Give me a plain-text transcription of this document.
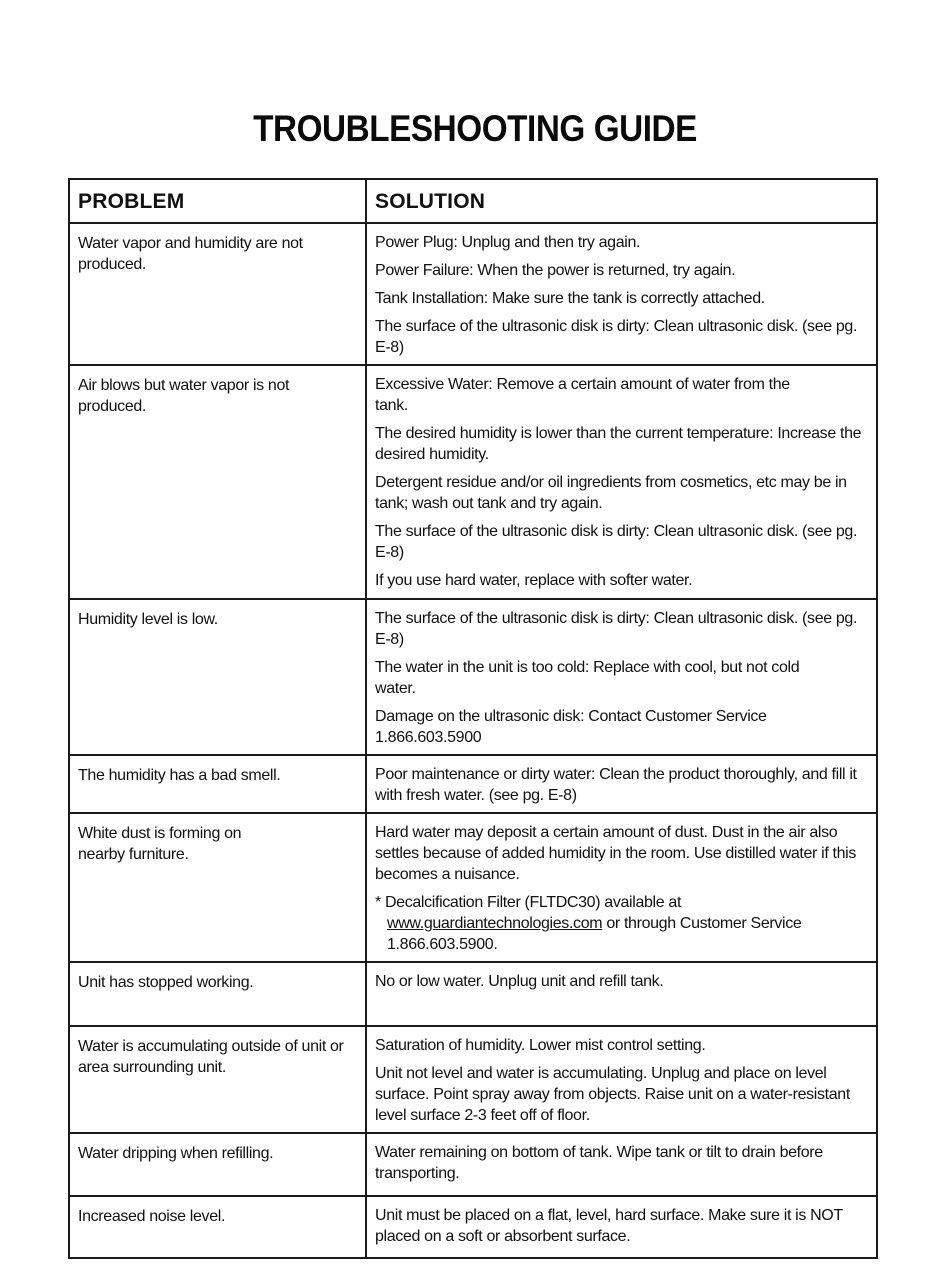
TROUBLESHOOTING GUIDE
PROBLEM	SOLUTION

Water vapor and humidity are not produced.	Power Plug: Unplug and then try again.
Power Failure: When the power is returned, try again.
Tank Installation: Make sure the tank is correctly attached.
The surface of the ultrasonic disk is dirty: Clean ultrasonic disk. (see pg. E-8)

Air blows but water vapor is not produced.	Excessive Water: Remove a certain amount of water from the tank.
The desired humidity is lower than the current temperature: Increase the desired humidity.
Detergent residue and/or oil ingredients from cosmetics, etc may be in tank; wash out tank and try again.
The surface of the ultrasonic disk is dirty: Clean ultrasonic disk. (see pg. E-8)
If you use hard water, replace with softer water.

Humidity level is low.	The surface of the ultrasonic disk is dirty: Clean ultrasonic disk. (see pg. E-8)
The water in the unit is too cold: Replace with cool, but not cold water.
Damage on the ultrasonic disk: Contact Customer Service 1.866.603.5900

The humidity has a bad smell.	Poor maintenance or dirty water: Clean the product thoroughly, and fill it with fresh water. (see pg. E-8)

White dust is forming on nearby furniture.	Hard water may deposit a certain amount of dust. Dust in the air also settles because of added humidity in the room. Use distilled water if this becomes a nuisance.
* Decalcification Filter (FLTDC30) available at www.guardiantechnologies.com or through Customer Service 1.866.603.5900.

Unit has stopped working.	No or low water. Unplug unit and refill tank.

Water is accumulating outside of unit or area surrounding unit.	Saturation of humidity. Lower mist control setting.
Unit not level and water is accumulating. Unplug and place on level surface. Point spray away from objects. Raise unit on a water-resistant level surface 2-3 feet off of floor.

Water dripping when refilling.	Water remaining on bottom of tank. Wipe tank or tilt to drain before transporting.

Increased noise level.	Unit must be placed on a flat, level, hard surface. Make sure it is NOT placed on a soft or absorbent surface.
